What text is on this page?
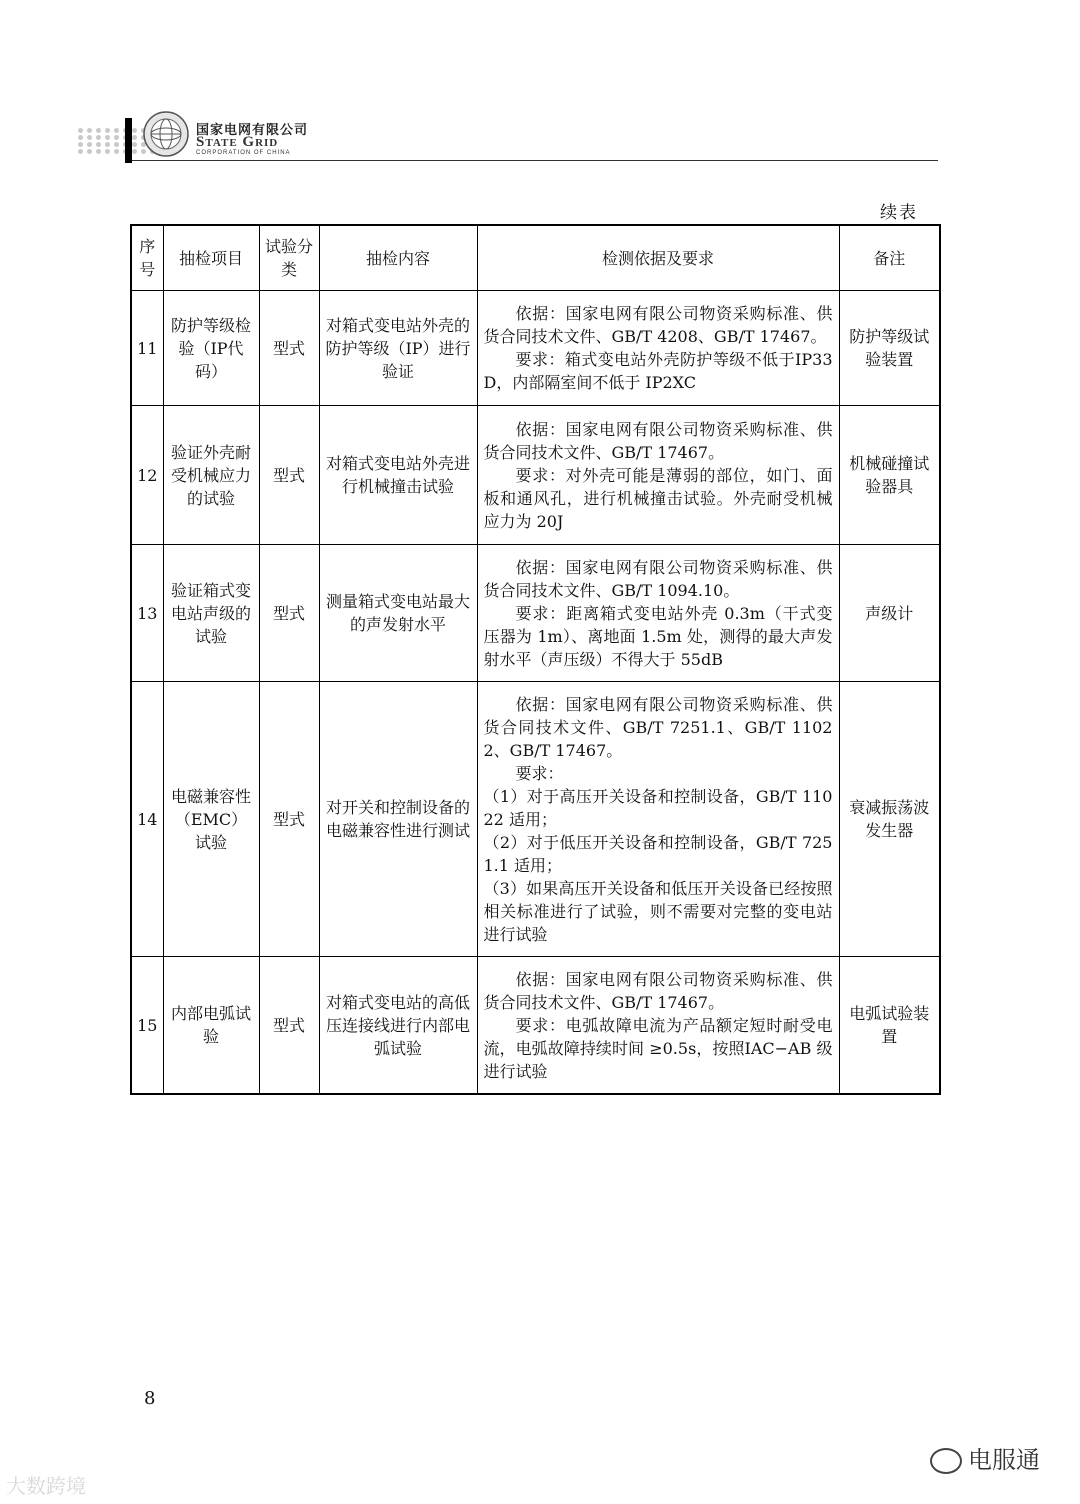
国家电网有限公司
State Grid
CORPORATION OF CHINA
续表
序号	抽检项目	试验分类	抽检内容	检测依据及要求	备注
11	防护等级检验（IP代码）	型式	对箱式变电站外壳的防护等级（IP）进行验证	依据：国家电网有限公司物资采购标准、供货合同技术文件、GB/T 4208、GB/T 17467。
要求：箱式变电站外壳防护等级不低于IP33D，内部隔室间不低于 IP2XC	防护等级试验装置
12	验证外壳耐受机械应力的试验	型式	对箱式变电站外壳进行机械撞击试验	依据：国家电网有限公司物资采购标准、供货合同技术文件、GB/T 17467。
要求：对外壳可能是薄弱的部位，如门、面板和通风孔，进行机械撞击试验。外壳耐受机械应力为 20J	机械碰撞试验器具
13	验证箱式变电站声级的试验	型式	测量箱式变电站最大的声发射水平	依据：国家电网有限公司物资采购标准、供货合同技术文件、GB/T 1094.10。
要求：距离箱式变电站外壳 0.3m（干式变压器为 1m）、离地面 1.5m 处，测得的最大声发射水平（声压级）不得大于 55dB	声级计
14	电磁兼容性（EMC）试验	型式	对开关和控制设备的电磁兼容性进行测试	依据：国家电网有限公司物资采购标准、供货合同技术文件、GB/T 7251.1、GB/T 11022、GB/T 17467。
要求：
（1）对于高压开关设备和控制设备，GB/T 11022 适用；
（2）对于低压开关设备和控制设备，GB/T 7251.1 适用；
（3）如果高压开关设备和低压开关设备已经按照相关标准进行了试验，则不需要对完整的变电站进行试验	衰减振荡波发生器
15	内部电弧试验	型式	对箱式变电站的高低压连接线进行内部电弧试验	依据：国家电网有限公司物资采购标准、供货合同技术文件、GB/T 17467。
要求：电弧故障电流为产品额定短时耐受电流，电弧故障持续时间 ≥0.5s，按照IAC−AB 级进行试验	电弧试验装置
8
电服通
大数跨境
